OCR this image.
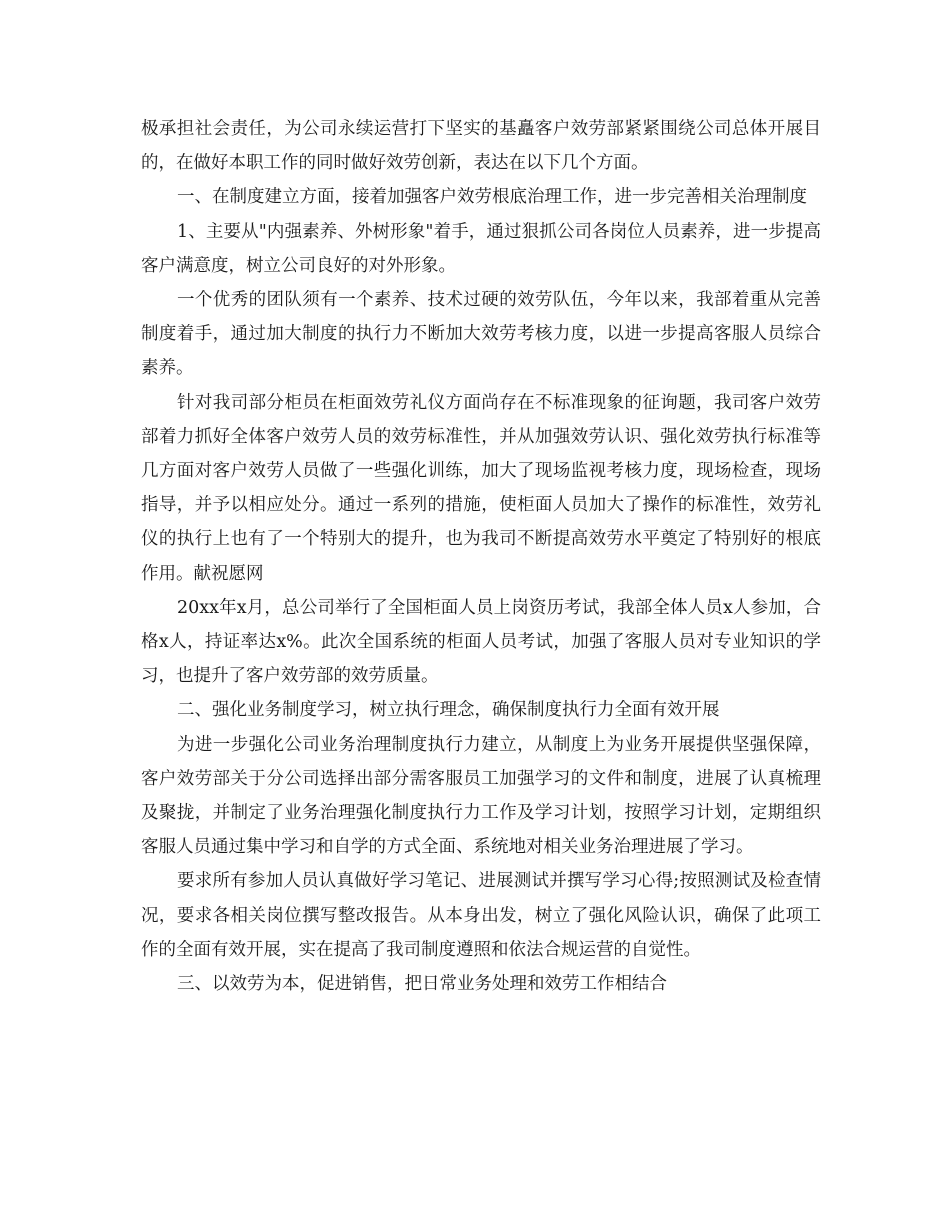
极承担社会责任，为公司永续运营打下坚实的基矗客户效劳部紧紧围绕公司总体开展目的，在做好本职工作的同时做好效劳创新，表达在以下几个方面。

一、在制度建立方面，接着加强客户效劳根底治理工作，进一步完善相关治理制度

1、主要从"内强素养、外树形象"着手，通过狠抓公司各岗位人员素养，进一步提高客户满意度，树立公司良好的对外形象。

一个优秀的团队须有一个素养、技术过硬的效劳队伍，今年以来，我部着重从完善制度着手，通过加大制度的执行力不断加大效劳考核力度，以进一步提高客服人员综合素养。

针对我司部分柜员在柜面效劳礼仪方面尚存在不标准现象的征询题，我司客户效劳部着力抓好全体客户效劳人员的效劳标准性，并从加强效劳认识、强化效劳执行标准等几方面对客户效劳人员做了一些强化训练，加大了现场监视考核力度，现场检查，现场指导，并予以相应处分。通过一系列的措施，使柜面人员加大了操作的标准性，效劳礼仪的执行上也有了一个特别大的提升，也为我司不断提高效劳水平奠定了特别好的根底作用。献祝愿网

20xx年x月，总公司举行了全国柜面人员上岗资历考试，我部全体人员x人参加，合格x人，持证率达x%。此次全国系统的柜面人员考试，加强了客服人员对专业知识的学习，也提升了客户效劳部的效劳质量。

二、强化业务制度学习，树立执行理念，确保制度执行力全面有效开展

为进一步强化公司业务治理制度执行力建立，从制度上为业务开展提供坚强保障，客户效劳部关于分公司选择出部分需客服员工加强学习的文件和制度，进展了认真梳理及聚拢，并制定了业务治理强化制度执行力工作及学习计划，按照学习计划，定期组织客服人员通过集中学习和自学的方式全面、系统地对相关业务治理进展了学习。

要求所有参加人员认真做好学习笔记、进展测试并撰写学习心得;按照测试及检查情况，要求各相关岗位撰写整改报告。从本身出发，树立了强化风险认识，确保了此项工作的全面有效开展，实在提高了我司制度遵照和依法合规运营的自觉性。

三、以效劳为本，促进销售，把日常业务处理和效劳工作相结合
